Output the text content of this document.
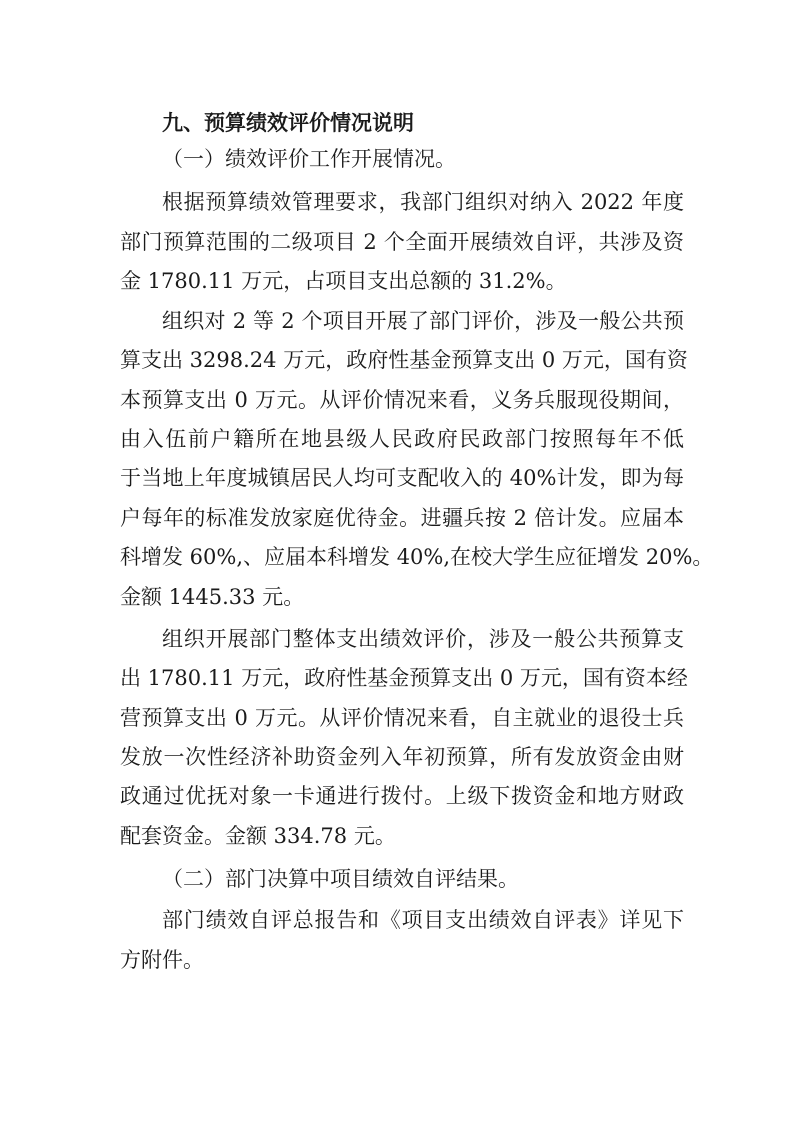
九、预算绩效评价情况说明
（一）绩效评价工作开展情况。
根据预算绩效管理要求，我部门组织对纳入 2022 年度
部门预算范围的二级项目 2 个全面开展绩效自评，共涉及资
金 1780.11 万元，占项目支出总额的 31.2%。
组织对 2 等 2 个项目开展了部门评价，涉及一般公共预
算支出 3298.24 万元，政府性基金预算支出 0 万元，国有资
本预算支出 0 万元。从评价情况来看，义务兵服现役期间，
由入伍前户籍所在地县级人民政府民政部门按照每年不低
于当地上年度城镇居民人均可支配收入的 40%计发，即为每
户每年的标准发放家庭优待金。进疆兵按 2 倍计发。应届本
科增发 60%,、应届本科增发 40%,在校大学生应征增发 20%。
金额 1445.33 元。
组织开展部门整体支出绩效评价，涉及一般公共预算支
出 1780.11 万元，政府性基金预算支出 0 万元，国有资本经
营预算支出 0 万元。从评价情况来看，自主就业的退役士兵
发放一次性经济补助资金列入年初预算，所有发放资金由财
政通过优抚对象一卡通进行拨付。上级下拨资金和地方财政
配套资金。金额 334.78 元。
（二）部门决算中项目绩效自评结果。
部门绩效自评总报告和《项目支出绩效自评表》详见下
方附件。
